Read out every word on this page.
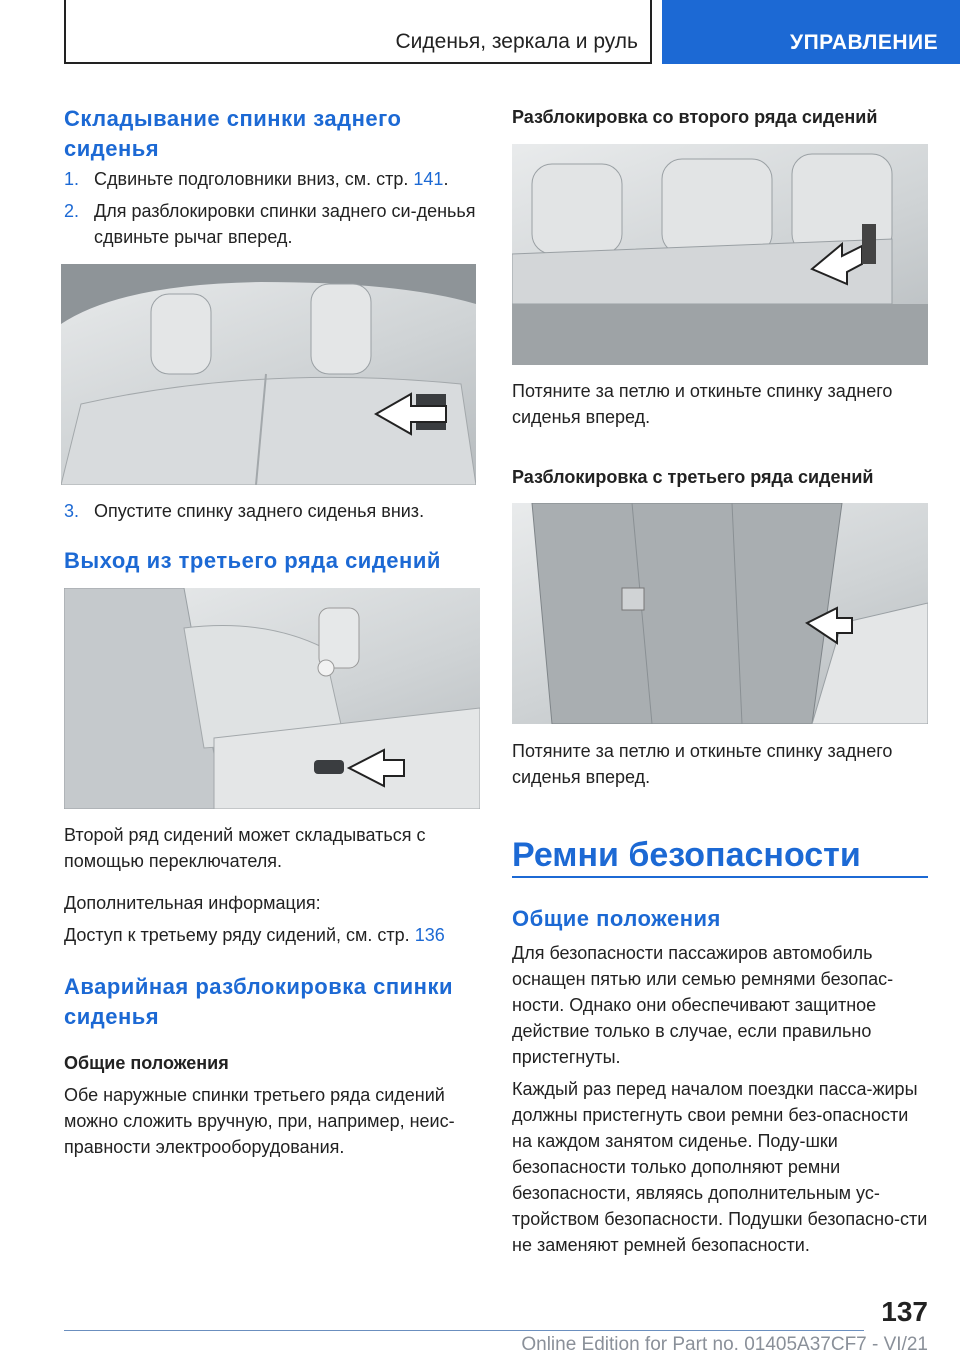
Сиденья, зеркала и руль	УПРАВЛЕНИЕ
Складывание спинки заднего сиденья
1. Сдвиньте подголовники вниз, см. стр. 141.
2. Для разблокировки спинки заднего си-деньья сдвиньте рычаг вперед.
3. Опустите спинку заднего сиденья вниз.
Выход из третьего ряда сидений
Второй ряд сидений может складываться с помощью переключателя.
Дополнительная информация:
Доступ к третьему ряду сидений, см. стр. 136
Аварийная разблокировка спинки сиденья
Общие положения
Обе наружные спинки третьего ряда сидений можно сложить вручную, при, например, неис-правности электрооборудования.
Разблокировка со второго ряда сидений
Потяните за петлю и откиньте спинку заднего сиденья вперед.
Разблокировка с третьего ряда сидений
Потяните за петлю и откиньте спинку заднего сиденья вперед.
Ремни безопасности
Общие положения
Для безопасности пассажиров автомобиль оснащен пятью или семью ремнями безопас-ности. Однако они обеспечивают защитное действие только в случае, если правильно пристегнуты.
Каждый раз перед началом поездки пасса-жиры должны пристегнуть свои ремни без-опасности на каждом занятом сиденье. Поду-шки безопасности только дополняют ремни безопасности, являясь дополнительным ус-тройством безопасности. Подушки безопасно-сти не заменяют ремней безопасности.
137
Online Edition for Part no. 01405A37CF7 - VI/21
